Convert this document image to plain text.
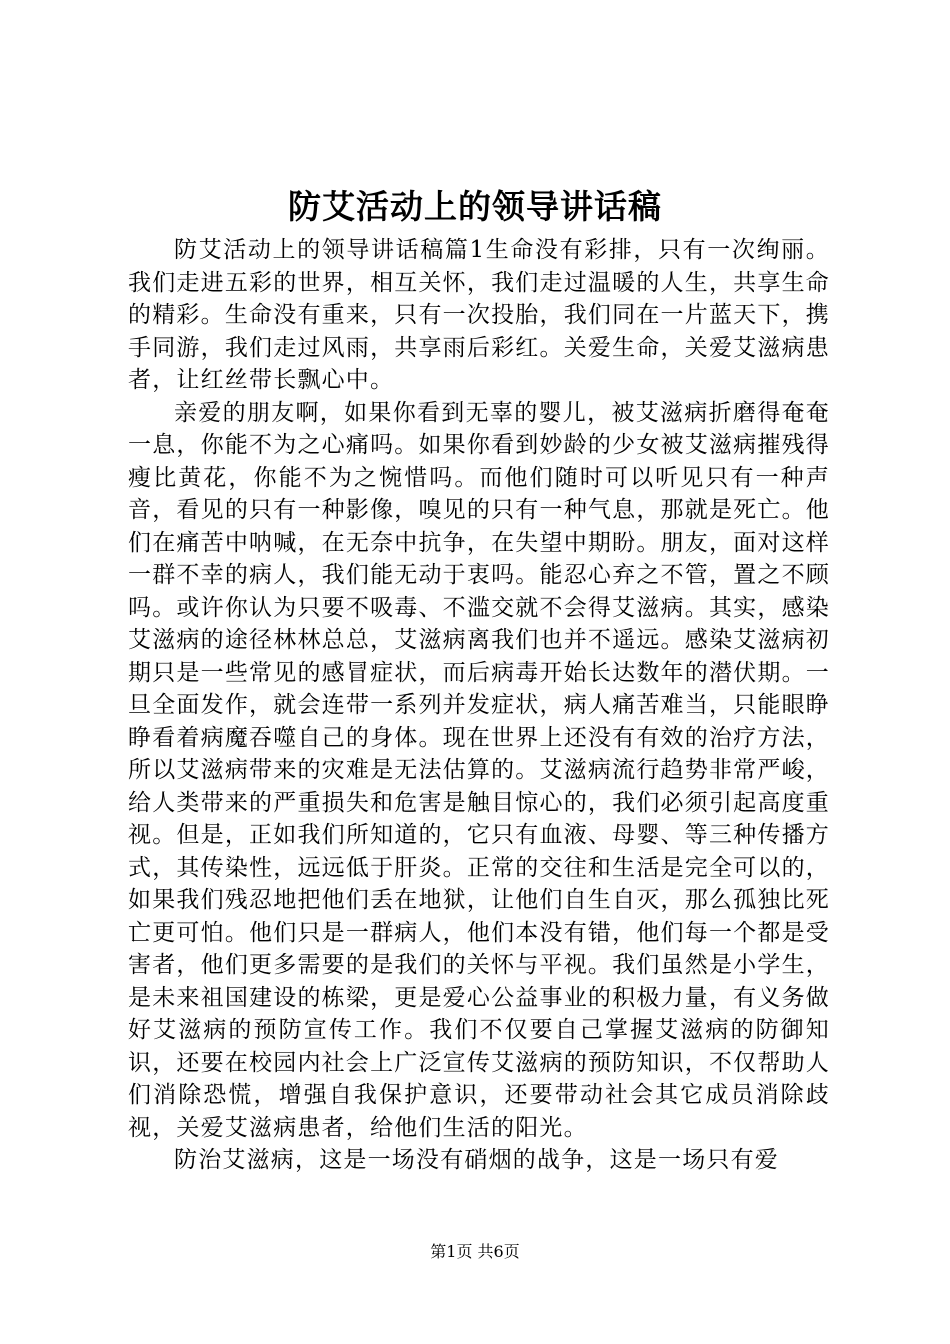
防艾活动上的领导讲话稿

防艾活动上的领导讲话稿篇1生命没有彩排，只有一次绚丽。我们走进五彩的世界，相互关怀，我们走过温暖的人生，共享生命的精彩。生命没有重来，只有一次投胎，我们同在一片蓝天下，携手同游，我们走过风雨，共享雨后彩红。关爱生命，关爱艾滋病患者，让红丝带长飘心中。

亲爱的朋友啊，如果你看到无辜的婴儿，被艾滋病折磨得奄奄一息，你能不为之心痛吗。如果你看到妙龄的少女被艾滋病摧残得瘦比黄花，你能不为之惋惜吗。而他们随时可以听见只有一种声音，看见的只有一种影像，嗅见的只有一种气息，那就是死亡。他们在痛苦中呐喊，在无奈中抗争，在失望中期盼。朋友，面对这样一群不幸的病人，我们能无动于衷吗。能忍心弃之不管，置之不顾吗。或许你认为只要不吸毒、不滥交就不会得艾滋病。其实，感染艾滋病的途径林林总总，艾滋病离我们也并不遥远。感染艾滋病初期只是一些常见的感冒症状，而后病毒开始长达数年的潜伏期。一旦全面发作，就会连带一系列并发症状，病人痛苦难当，只能眼睁睁看着病魔吞噬自己的身体。现在世界上还没有有效的治疗方法，所以艾滋病带来的灾难是无法估算的。艾滋病流行趋势非常严峻，给人类带来的严重损失和危害是触目惊心的，我们必须引起高度重视。但是，正如我们所知道的，它只有血液、母婴、等三种传播方式，其传染性，远远低于肝炎。正常的交往和生活是完全可以的，如果我们残忍地把他们丢在地狱，让他们自生自灭，那么孤独比死亡更可怕。他们只是一群病人，他们本没有错，他们每一个都是受害者，他们更多需要的是我们的关怀与平视。我们虽然是小学生，是未来祖国建设的栋梁，更是爱心公益事业的积极力量，有义务做好艾滋病的预防宣传工作。我们不仅要自己掌握艾滋病的防御知识，还要在校园内社会上广泛宣传艾滋病的预防知识，不仅帮助人们消除恐慌，增强自我保护意识，还要带动社会其它成员消除歧视，关爱艾滋病患者，给他们生活的阳光。

防治艾滋病，这是一场没有硝烟的战争，这是一场只有爱

第1页 共6页
